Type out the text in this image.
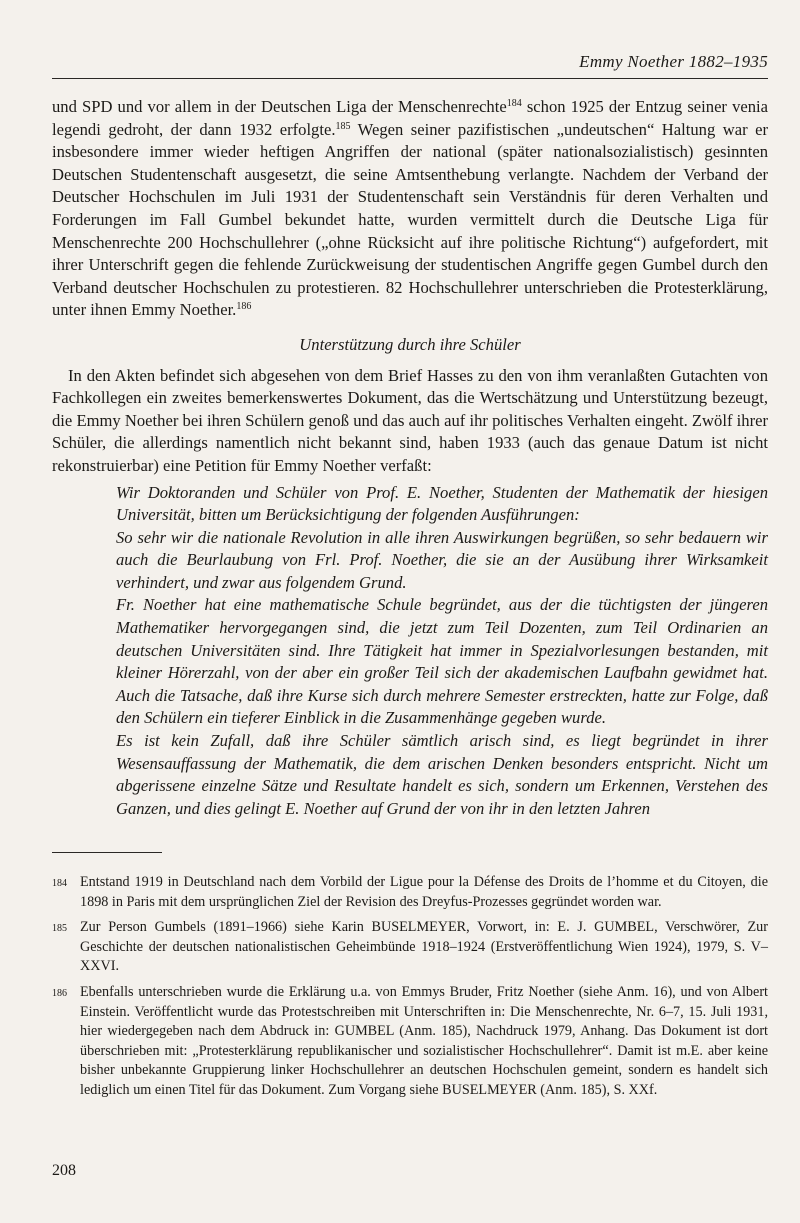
Emmy Noether 1882–1935

und SPD und vor allem in der Deutschen Liga der Menschenrechte$^{184}$ schon 1925 der Entzug seiner venia legendi gedroht, der dann 1932 erfolgte.$^{185}$ Wegen seiner pazifistischen „undeutschen“ Haltung war er insbesondere immer wieder heftigen Angriffen der national (später nationalsozialistisch) gesinnten Deutschen Studentenschaft ausgesetzt, die seine Amtsenthebung verlangte. Nachdem der Verband der Deutscher Hochschulen im Juli 1931 der Studentenschaft sein Verständnis für deren Verhalten und Forderungen im Fall Gumbel bekundet hatte, wurden vermittelt durch die Deutsche Liga für Menschenrechte 200 Hochschullehrer („ohne Rücksicht auf ihre politische Richtung“) aufgefordert, mit ihrer Unterschrift gegen die fehlende Zurückweisung der studentischen Angriffe gegen Gumbel durch den Verband deutscher Hochschulen zu protestieren. 82 Hochschullehrer unterschrieben die Protesterklärung, unter ihnen Emmy Noether.$^{186}$

Unterstützung durch ihre Schüler

In den Akten befindet sich abgesehen von dem Brief Hasses zu den von ihm veranlaßten Gutachten von Fachkollegen ein zweites bemerkenswertes Dokument, das die Wertschätzung und Unterstützung bezeugt, die Emmy Noether bei ihren Schülern genoß und das auch auf ihr politisches Verhalten eingeht. Zwölf ihrer Schüler, die allerdings namentlich nicht bekannt sind, haben 1933 (auch das genaue Datum ist nicht rekonstruierbar) eine Petition für Emmy Noether verfaßt:

Wir Doktoranden und Schüler von Prof. E. Noether, Studenten der Mathematik der hiesigen Universität, bitten um Berücksichtigung der folgenden Ausführungen:

So sehr wir die nationale Revolution in alle ihren Auswirkungen begrüßen, so sehr bedauern wir auch die Beurlaubung von Frl. Prof. Noether, die sie an der Ausübung ihrer Wirksamkeit verhindert, und zwar aus folgendem Grund.

Fr. Noether hat eine mathematische Schule begründet, aus der die tüchtigsten der jüngeren Mathematiker hervorgegangen sind, die jetzt zum Teil Dozenten, zum Teil Ordinarien an deutschen Universitäten sind. Ihre Tätigkeit hat immer in Spezialvorlesungen bestanden, mit kleiner Hörerzahl, von der aber ein großer Teil sich der akademischen Laufbahn gewidmet hat. Auch die Tatsache, daß ihre Kurse sich durch mehrere Semester erstreckten, hatte zur Folge, daß den Schülern ein tieferer Einblick in die Zusammenhänge gegeben wurde.

Es ist kein Zufall, daß ihre Schüler sämtlich arisch sind, es liegt begründet in ihrer Wesensauffassung der Mathematik, die dem arischen Denken besonders entspricht. Nicht um abgerissene einzelne Sätze und Resultate handelt es sich, sondern um Erkennen, Verstehen des Ganzen, und dies gelingt E. Noether auf Grund der von ihr in den letzten Jahren

184 Entstand 1919 in Deutschland nach dem Vorbild der Ligue pour la Défense des Droits de l’homme et du Citoyen, die 1898 in Paris mit dem ursprünglichen Ziel der Revision des Dreyfus-Prozesses gegründet worden war.
185 Zur Person Gumbels (1891–1966) siehe Karin BUSELMEYER, Vorwort, in: E. J. GUMBEL, Verschwörer, Zur Geschichte der deutschen nationalistischen Geheimbünde 1918–1924 (Erstveröffentlichung Wien 1924), 1979, S. V–XXVI.
186 Ebenfalls unterschrieben wurde die Erklärung u.a. von Emmys Bruder, Fritz Noether (siehe Anm. 16), und von Albert Einstein. Veröffentlicht wurde das Protestschreiben mit Unterschriften in: Die Menschenrechte, Nr. 6–7, 15. Juli 1931, hier wiedergegeben nach dem Abdruck in: GUMBEL (Anm. 185), Nachdruck 1979, Anhang. Das Dokument ist dort überschrieben mit: „Protesterklärung republikanischer und sozialistischer Hochschullehrer“. Damit ist m.E. aber keine bisher unbekannte Gruppierung linker Hochschullehrer an deutschen Hochschulen gemeint, sondern es handelt sich lediglich um einen Titel für das Dokument. Zum Vorgang siehe BUSELMEYER (Anm. 185), S. XXf.
208
